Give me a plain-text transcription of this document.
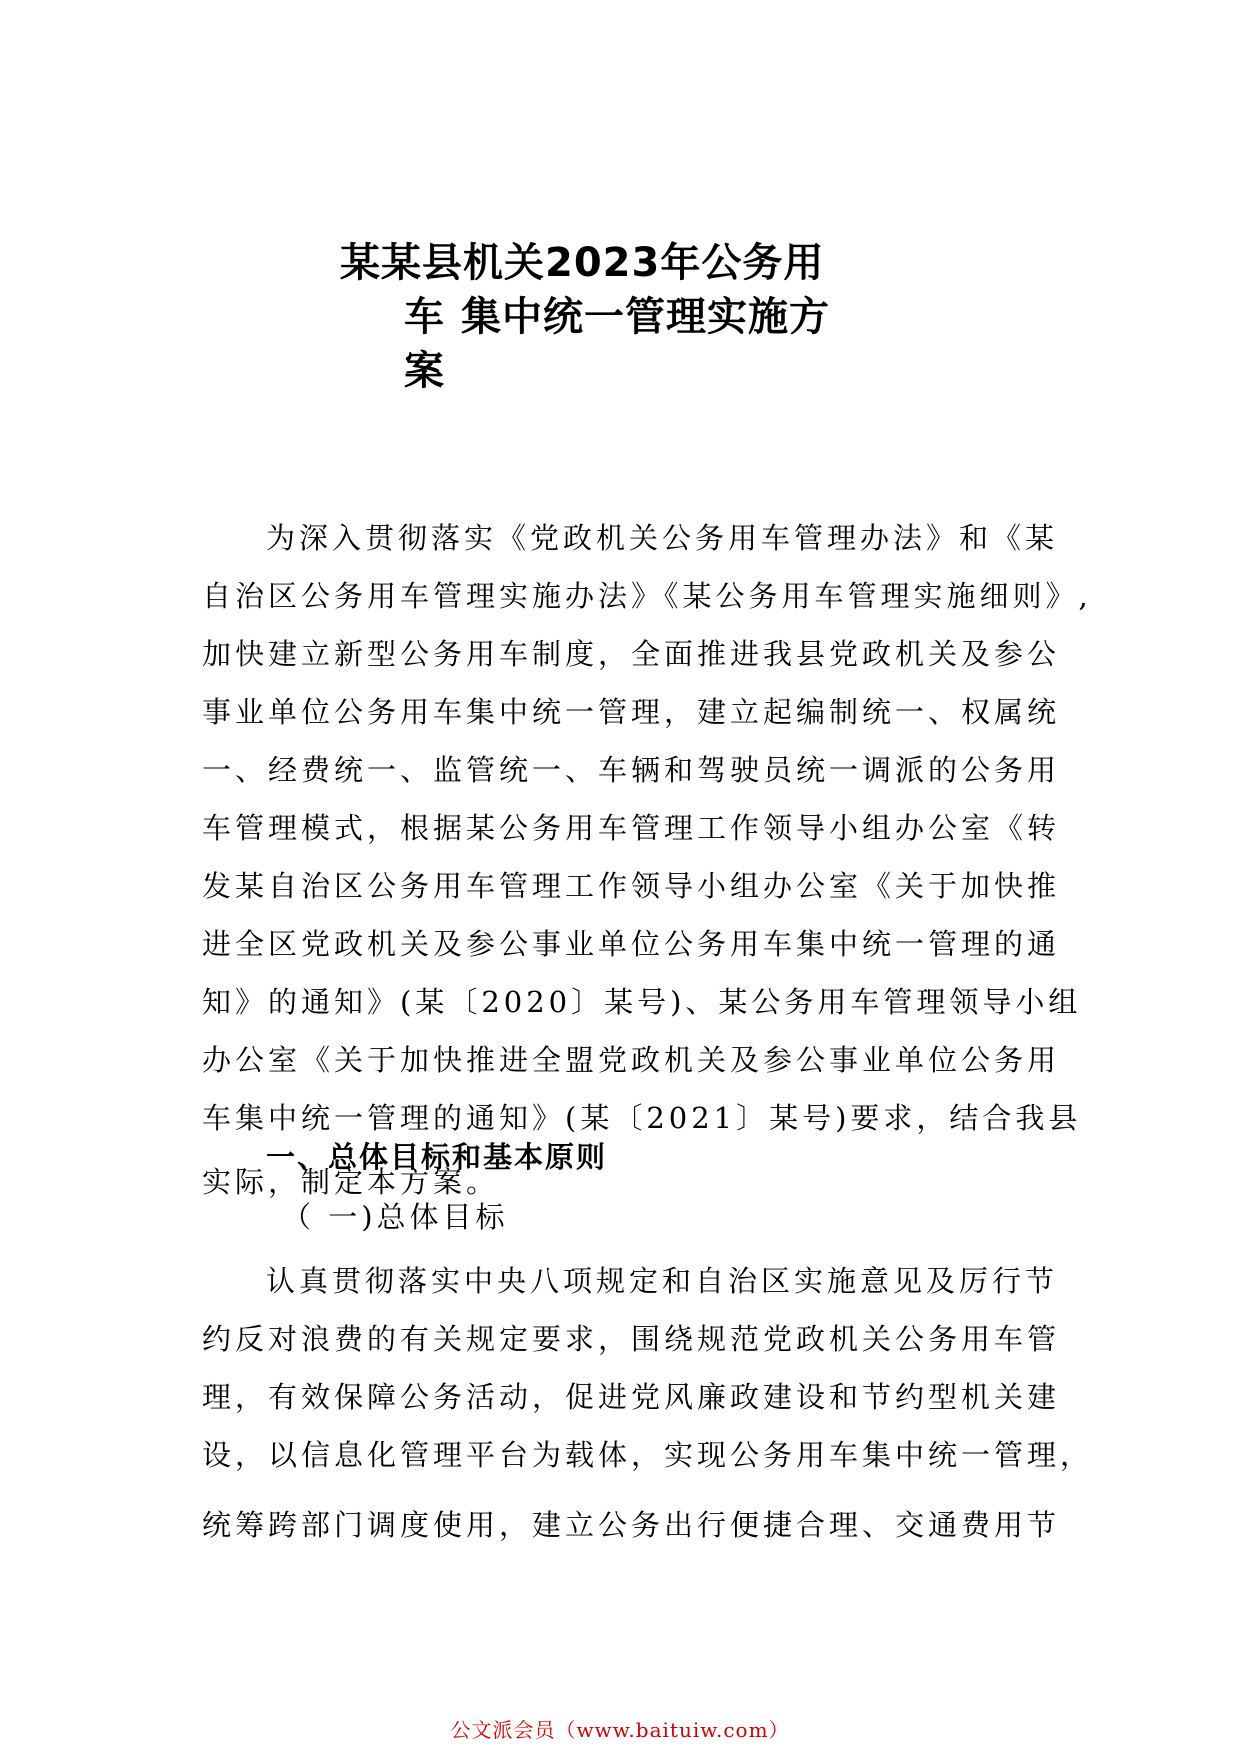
某某县机关2023年公务用
车 集中统一管理实施方
案
为深入贯彻落实《党政机关公务用车管理办法》和《某
自治区公务用车管理实施办法》《某公务用车管理实施细则》,
加快建立新型公务用车制度，全面推进我县党政机关及参公
事业单位公务用车集中统一管理，建立起编制统一、权属统
一、经费统一、监管统一、车辆和驾驶员统一调派的公务用
车管理模式，根据某公务用车管理工作领导小组办公室《转
发某自治区公务用车管理工作领导小组办公室《关于加快推
进全区党政机关及参公事业单位公务用车集中统一管理的通
知》的通知》(某〔2020〕某号)、某公务用车管理领导小组
办公室《关于加快推进全盟党政机关及参公事业单位公务用
车集中统一管理的通知》(某〔2021〕某号)要求，结合我县
实际，制定本方案。
一、总体目标和基本原则
（ 一)总体目标
认真贯彻落实中央八项规定和自治区实施意见及厉行节
约反对浪费的有关规定要求，围绕规范党政机关公务用车管
理，有效保障公务活动，促进党风廉政建设和节约型机关建
设，以信息化管理平台为载体，实现公务用车集中统一管理，
统筹跨部门调度使用，建立公务出行便捷合理、交通费用节
公文派会员（www.baituiw.com）
